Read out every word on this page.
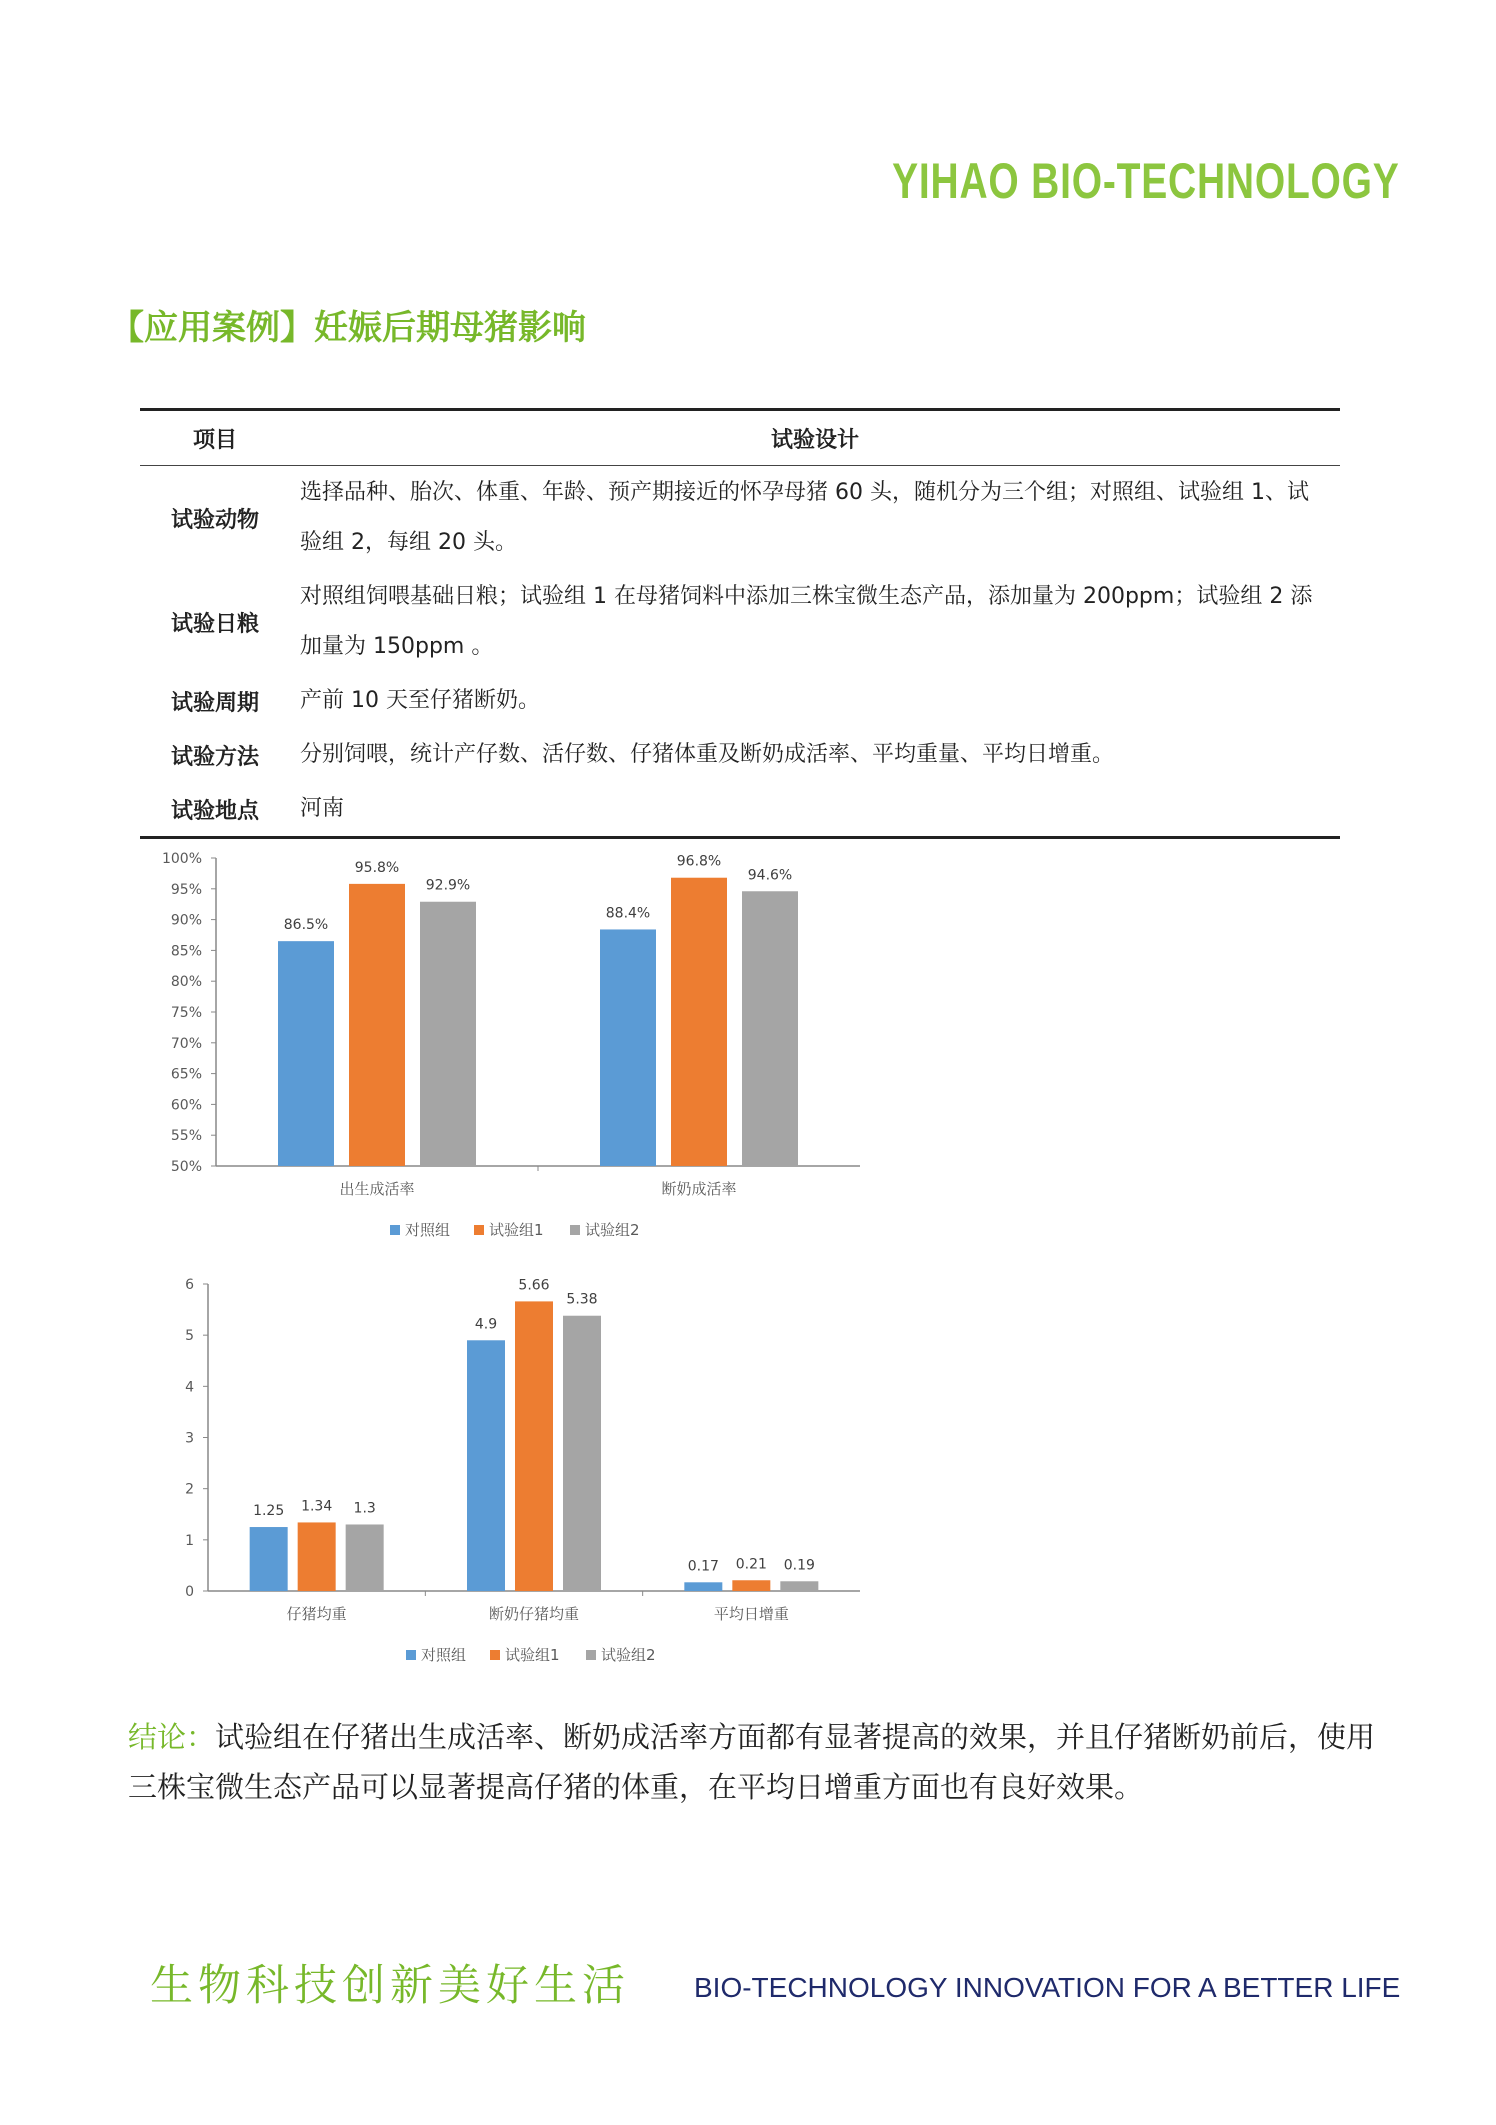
YIHAO BIO-TECHNOLOGY
【应用案例】妊娠后期母猪影响
项目	试验设计
试验动物	选择品种、胎次、体重、年龄、预产期接近的怀孕母猪 60 头，随机分为三个组；对照组、试验组 1、试验组 2，每组 20 头。
试验日粮	对照组饲喂基础日粮；试验组 1 在母猪饲料中添加三株宝微生态产品，添加量为 200ppm；试验组 2 添加量为 150ppm 。
试验周期	产前 10 天至仔猪断奶。
试验方法	分别饲喂，统计产仔数、活仔数、仔猪体重及断奶成活率、平均重量、平均日增重。
试验地点	河南
50%
55%
60%
65%
70%
75%
80%
85%
90%
95%
100%
出生成活率
86.5%
95.8%
92.9%
断奶成活率
88.4%
96.8%
94.6%
对照组	试验组1	试验组2
0
1
2
3
4
5
6
仔猪均重
1.25 1.34 1.3
断奶仔猪均重
4.9
5.66
5.38
平均日增重
0.17 0.21 0.19
对照组	试验组1	试验组2
结论：试验组在仔猪出生成活率、断奶成活率方面都有显著提高的效果，并且仔猪断奶前后，使用三株宝微生态产品可以显著提高仔猪的体重，在平均日增重方面也有良好效果。
生物科技创新美好生活 BIO-TECHNOLOGY INNOVATION FOR A BETTER LIFE
